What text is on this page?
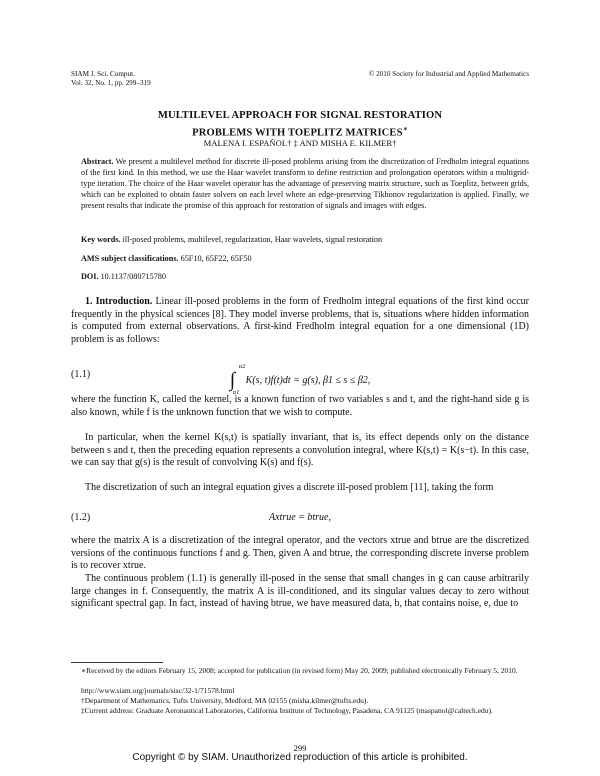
SIAM J. Sci. Comput.
Vol. 32, No. 1, pp. 299–319
© 2010 Society for Industrial and Applied Mathematics
MULTILEVEL APPROACH FOR SIGNAL RESTORATION
PROBLEMS WITH TOEPLITZ MATRICES∗
MALENA I. ESPAÑOL† ‡ AND MISHA E. KILMER†
Abstract. We present a multilevel method for discrete ill-posed problems arising from the discretization of Fredholm integral equations of the first kind. In this method, we use the Haar wavelet transform to define restriction and prolongation operators within a multigrid-type iteration. The choice of the Haar wavelet operator has the advantage of preserving matrix structure, such as Toeplitz, between grids, which can be exploited to obtain faster solvers on each level where an edge-preserving Tikhonov regularization is applied. Finally, we present results that indicate the promise of this approach for restoration of signals and images with edges.
Key words. ill-posed problems, multilevel, regularization, Haar wavelets, signal restoration
AMS subject classifications. 65F10, 65F22, 65F50
DOI. 10.1137/080715780
1. Introduction. Linear ill-posed problems in the form of Fredholm integral equations of the first kind occur frequently in the physical sciences [8]. They model inverse problems, that is, situations where hidden information is computed from external observations. A first-kind Fredholm integral equation for a one dimensional (1D) problem is as follows:
(1.1)	∫
α2
α1
K(s, t)f(t)dt = g(s), β1 ≤ s ≤ β2,
where the function K, called the kernel, is a known function of two variables s and t, and the right-hand side g is also known, while f is the unknown function that we wish to compute.
In particular, when the kernel K(s,t) is spatially invariant, that is, its effect depends only on the distance between s and t, then the preceding equation represents a convolution integral, where K(s,t) = K(s−t). In this case, we can say that g(s) is the result of convolving K(s) and f(s).
The discretization of such an integral equation gives a discrete ill-posed problem [11], taking the form
(1.2)	Axtrue = btrue,
where the matrix A is a discretization of the integral operator, and the vectors xtrue and btrue are the discretized versions of the continuous functions f and g. Then, given A and btrue, the corresponding discrete inverse problem is to recover xtrue.
The continuous problem (1.1) is generally ill-posed in the sense that small changes in g can cause arbitrarily large changes in f. Consequently, the matrix A is ill-conditioned, and its singular values decay to zero without significant spectral gap. In fact, instead of having btrue, we have measured data, b, that contains noise, e, due to
∗Received by the editors February 15, 2008; accepted for publication (in revised form) May 20, 2009; published electronically February 5, 2010.
http://www.siam.org/journals/sisc/32-1/71578.html
†Department of Mathematics, Tufts University, Medford, MA 02155 (misha.kilmer@tufts.edu).
‡Current address: Graduate Aeronautical Laboratories, California Institute of Technology, Pasadena, CA 91125 (maspanol@caltech.edu).
299
Copyright © by SIAM. Unauthorized reproduction of this article is prohibited.
